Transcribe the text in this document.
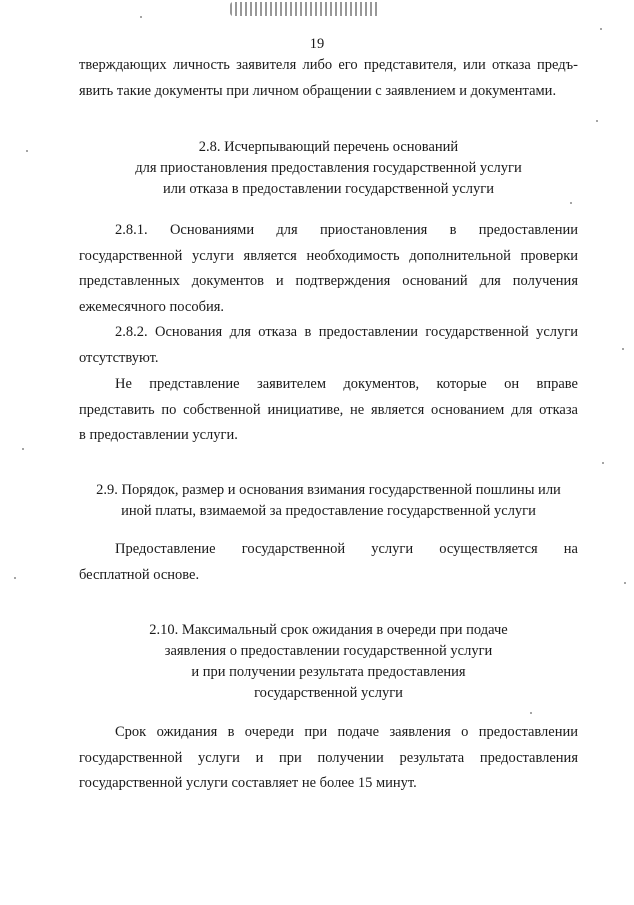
19

тверждающих личность заявителя либо его представителя, или отказа предъ-

явить такие документы при личном обращении с заявлением и документами.

2.8. Исчерпывающий перечень оснований
для приостановления предоставления государственной услуги
или отказа в предоставлении государственной услуги

2.8.1. Основаниями для приостановления в предоставлении

государственной услуги является необходимость дополнительной проверки

представленных документов и подтверждения оснований для получения

ежемесячного пособия.

2.8.2. Основания для отказа в предоставлении государственной услуги

отсутствуют.

Не представление заявителем документов, которые он вправе

представить по собственной инициативе, не является основанием для отказа

в предоставлении услуги.

2.9. Порядок, размер и основания взимания государственной пошлины или
иной платы, взимаемой за предоставление государственной услуги

Предоставление государственной услуги осуществляется на

бесплатной основе.

2.10. Максимальный срок ожидания в очереди при подаче
заявления о предоставлении государственной услуги
и при получении результата предоставления
государственной услуги

Срок ожидания в очереди при подаче заявления о предоставлении

государственной услуги и при получении результата предоставления

государственной услуги составляет не более 15 минут.
